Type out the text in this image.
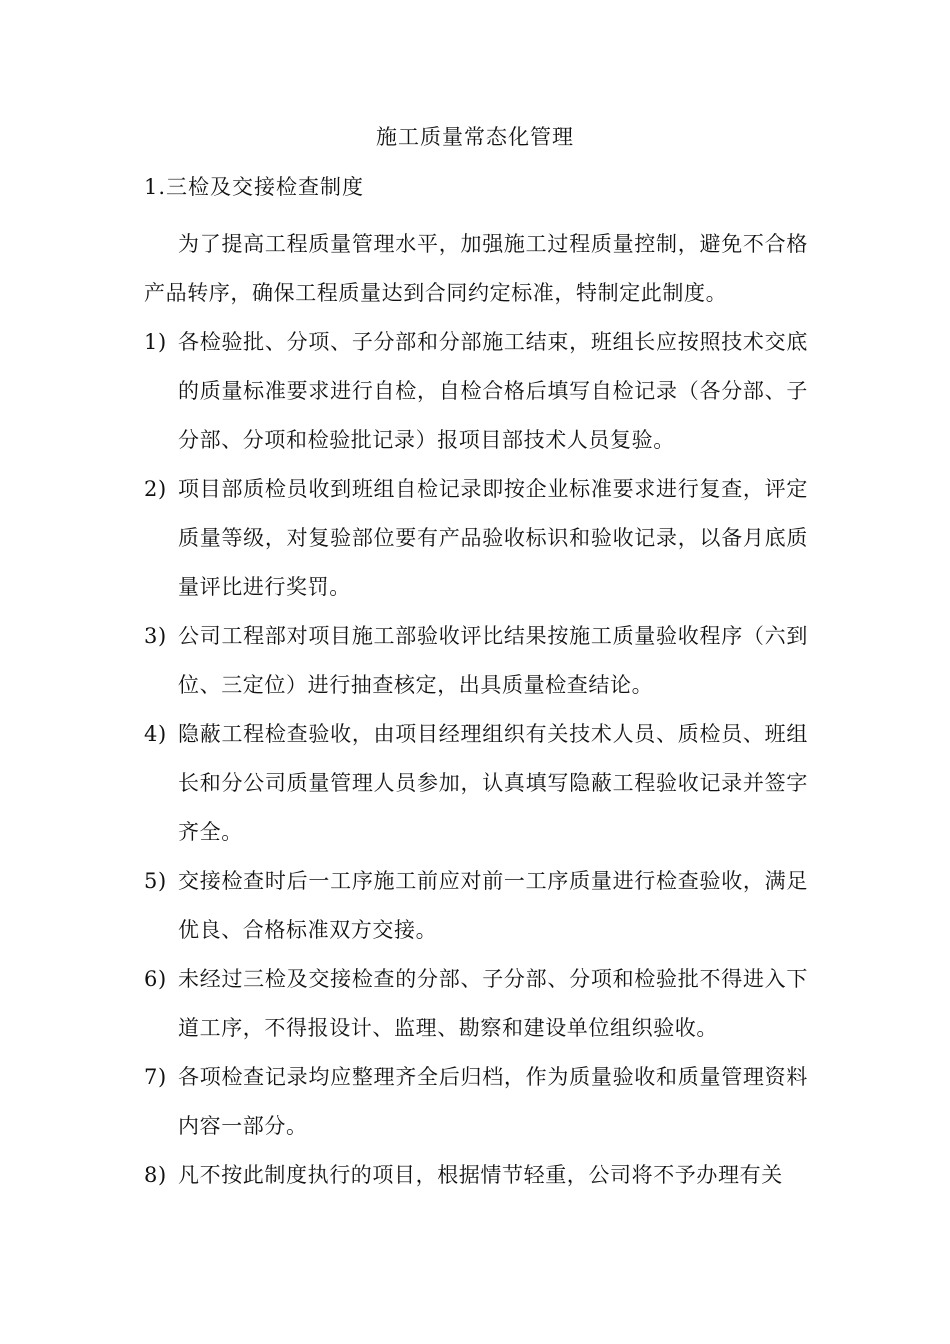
施工质量常态化管理
1.三检及交接检查制度

为了提高工程质量管理水平，加强施工过程质量控制，避免不合格产品转序，确保工程质量达到合同约定标准，特制定此制度。

1) 各检验批、分项、子分部和分部施工结束，班组长应按照技术交底的质量标准要求进行自检，自检合格后填写自检记录（各分部、子分部、分项和检验批记录）报项目部技术人员复验。
2) 项目部质检员收到班组自检记录即按企业标准要求进行复查，评定质量等级，对复验部位要有产品验收标识和验收记录，以备月底质量评比进行奖罚。
3) 公司工程部对项目施工部验收评比结果按施工质量验收程序（六到位、三定位）进行抽查核定，出具质量检查结论。
4) 隐蔽工程检查验收，由项目经理组织有关技术人员、质检员、班组长和分公司质量管理人员参加，认真填写隐蔽工程验收记录并签字齐全。
5) 交接检查时后一工序施工前应对前一工序质量进行检查验收，满足优良、合格标准双方交接。
6) 未经过三检及交接检查的分部、子分部、分项和检验批不得进入下道工序，不得报设计、监理、勘察和建设单位组织验收。
7) 各项检查记录均应整理齐全后归档，作为质量验收和质量管理资料内容一部分。
8) 凡不按此制度执行的项目，根据情节轻重，公司将不予办理有关
